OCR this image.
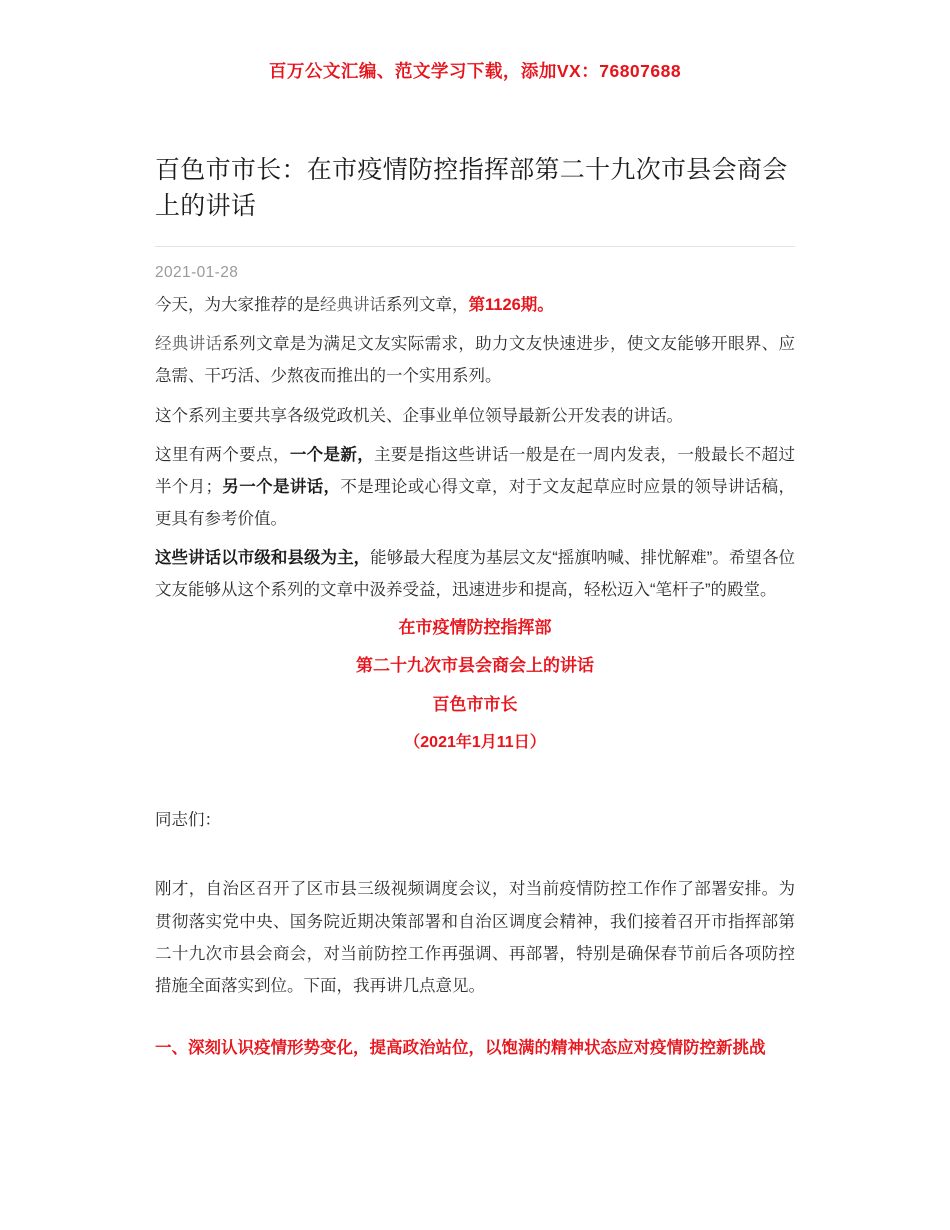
百万公文汇编、范文学习下载，添加VX：76807688
百色市市长：在市疫情防控指挥部第二十九次市县会商会上的讲话
2021-01-28

今天，为大家推荐的是经典讲话系列文章，第1126期。

经典讲话系列文章是为满足文友实际需求，助力文友快速进步，使文友能够开眼界、应急需、干巧活、少熬夜而推出的一个实用系列。

这个系列主要共享各级党政机关、企事业单位领导最新公开发表的讲话。

这里有两个要点，一个是新，主要是指这些讲话一般是在一周内发表，一般最长不超过半个月；另一个是讲话，不是理论或心得文章，对于文友起草应时应景的领导讲话稿，更具有参考价值。

这些讲话以市级和县级为主，能够最大程度为基层文友“摇旗呐喊、排忧解难”。希望各位文友能够从这个系列的文章中汲养受益，迅速进步和提高，轻松迈入“笔杆子”的殿堂。

在市疫情防控指挥部

第二十九次市县会商会上的讲话

百色市市长

（2021年1月11日）

同志们：

刚才，自治区召开了区市县三级视频调度会议，对当前疫情防控工作作了部署安排。为贯彻落实党中央、国务院近期决策部署和自治区调度会精神，我们接着召开市指挥部第二十九次市县会商会，对当前防控工作再强调、再部署，特别是确保春节前后各项防控措施全面落实到位。下面，我再讲几点意见。

一、深刻认识疫情形势变化，提高政治站位，以饱满的精神状态应对疫情防控新挑战
